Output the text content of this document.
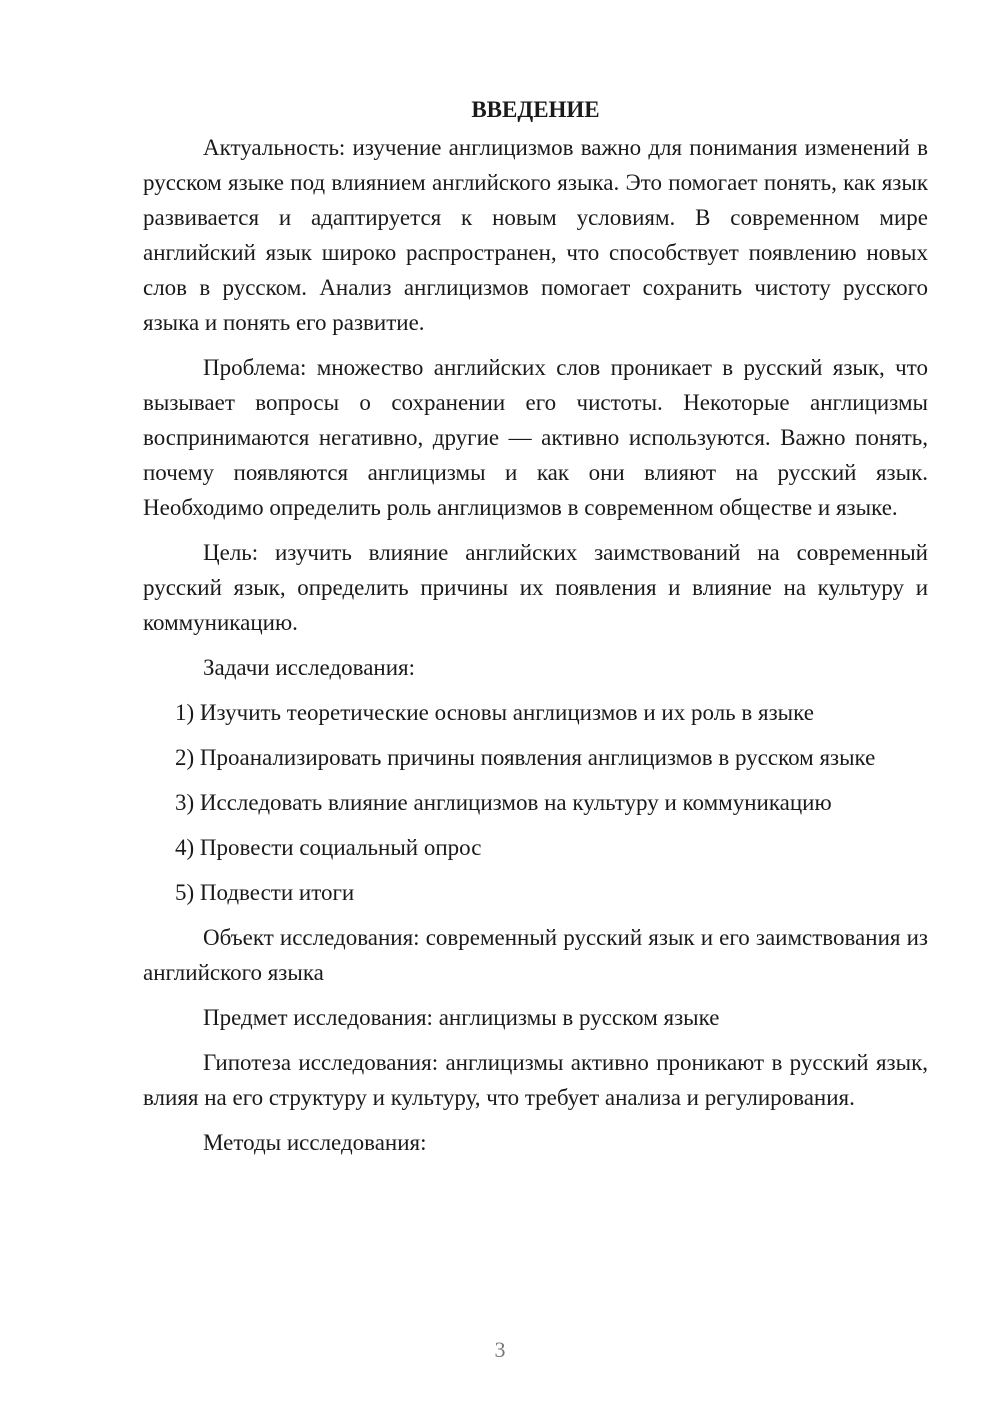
ВВЕДЕНИЕ

Актуальность: изучение англицизмов важно для понимания изменений в русском языке под влиянием английского языка. Это помогает понять, как язык развивается и адаптируется к новым условиям. В современном мире английский язык широко распространен, что способствует появлению новых слов в русском. Анализ англицизмов помогает сохранить чистоту русского языка и понять его развитие.

Проблема: множество английских слов проникает в русский язык, что вызывает вопросы о сохранении его чистоты. Некоторые англицизмы воспринимаются негативно, другие — активно используются. Важно понять, почему появляются англицизмы и как они влияют на русский язык. Необходимо определить роль англицизмов в современном обществе и языке.

Цель: изучить влияние английских заимствований на современный русский язык, определить причины их появления и влияние на культуру и коммуникацию.

Задачи исследования:

1) Изучить теоретические основы англицизмов и их роль в языке

2) Проанализировать причины появления англицизмов в русском языке

3) Исследовать влияние англицизмов на культуру и коммуникацию

4) Провести социальный опрос

5) Подвести итоги

Объект исследования: современный русский язык и его заимствования из английского языка

Предмет исследования: англицизмы в русском языке

Гипотеза исследования: англицизмы активно проникают в русский язык, влияя на его структуру и культуру, что требует анализа и регулирования.

Методы исследования:

3
